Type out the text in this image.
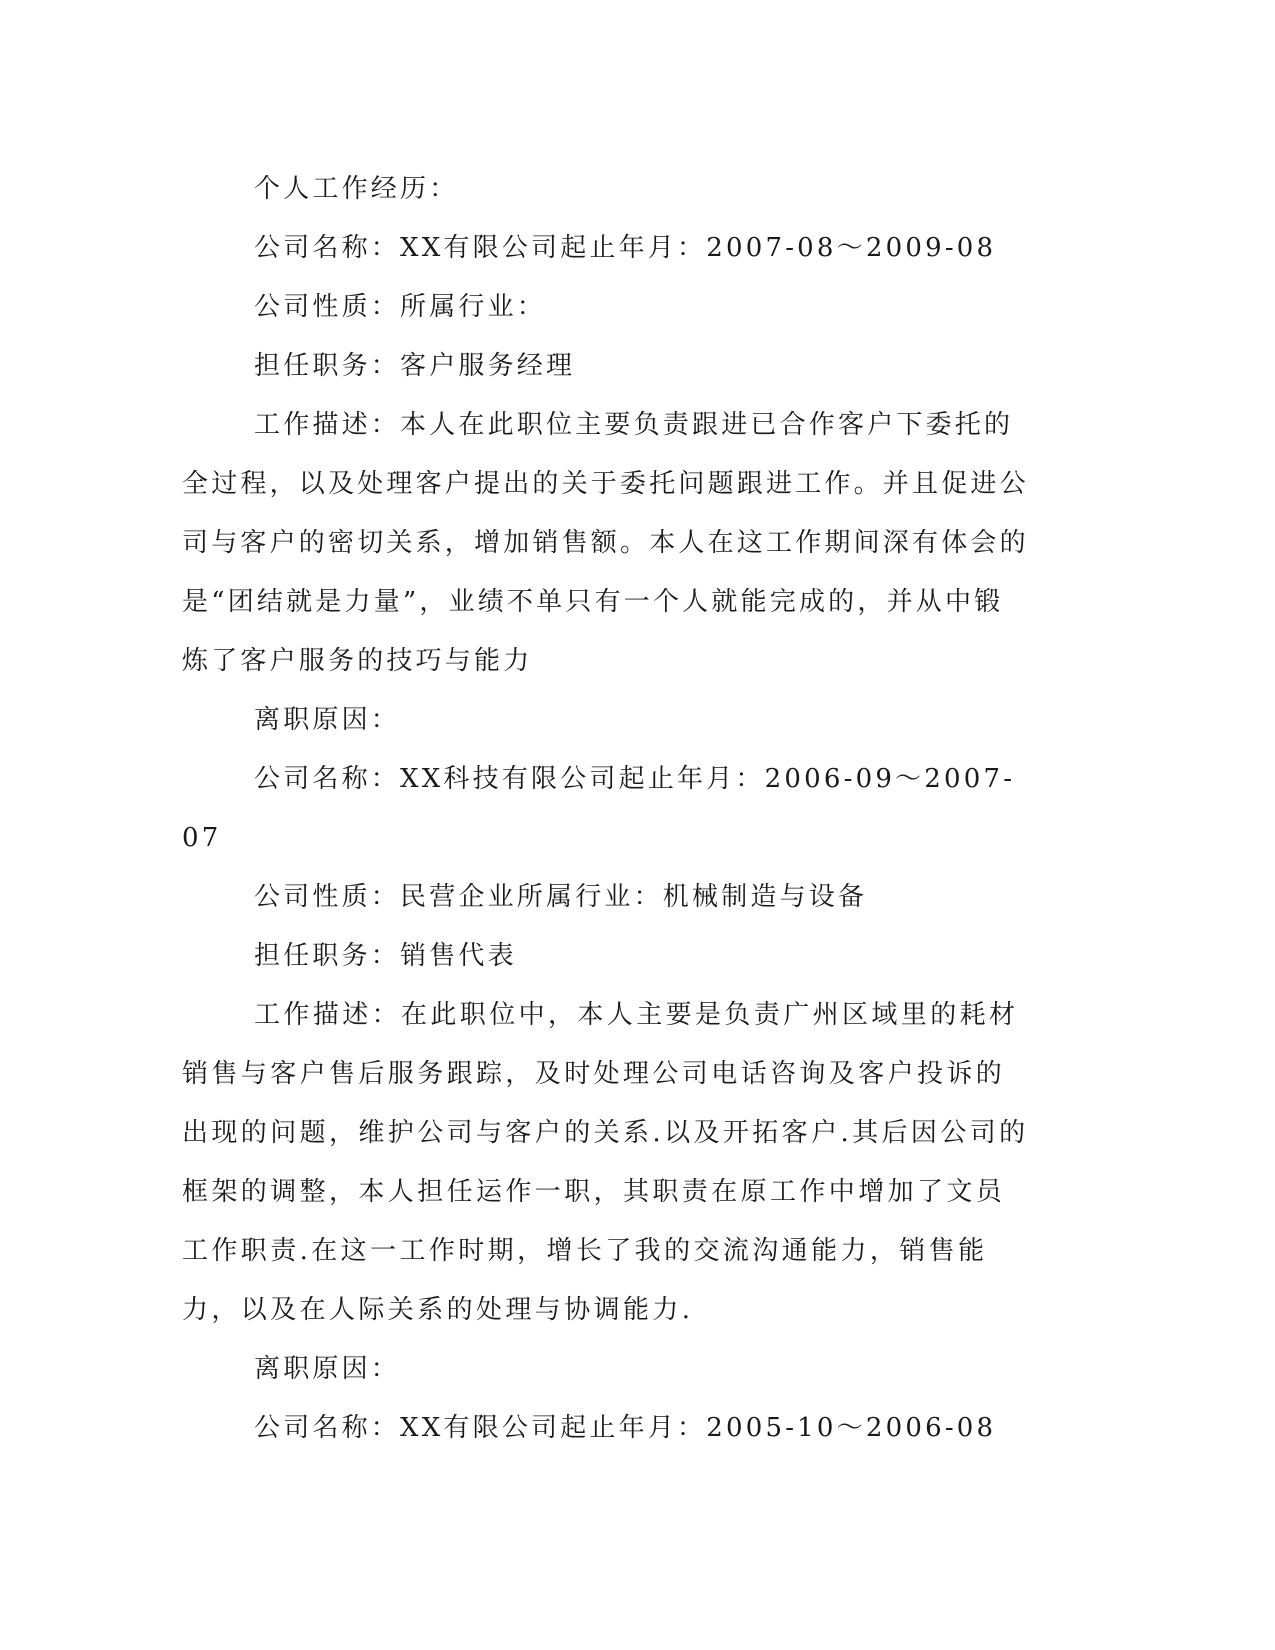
个人工作经历：

公司名称：XX有限公司起止年月：2007-08～2009-08

公司性质：所属行业：

担任职务：客户服务经理

工作描述：本人在此职位主要负责跟进已合作客户下委托的全过程，以及处理客户提出的关于委托问题跟进工作。并且促进公司与客户的密切关系，增加销售额。本人在这工作期间深有体会的是“团结就是力量”，业绩不单只有一个人就能完成的，并从中锻炼了客户服务的技巧与能力

离职原因：

公司名称：XX科技有限公司起止年月：2006-09～2007-07

公司性质：民营企业所属行业：机械制造与设备

担任职务：销售代表

工作描述：在此职位中，本人主要是负责广州区域里的耗材销售与客户售后服务跟踪，及时处理公司电话咨询及客户投诉的出现的问题，维护公司与客户的关系.以及开拓客户.其后因公司的框架的调整，本人担任运作一职，其职责在原工作中增加了文员工作职责.在这一工作时期，增长了我的交流沟通能力，销售能力，以及在人际关系的处理与协调能力.

离职原因：

公司名称：XX有限公司起止年月：2005-10～2006-08
